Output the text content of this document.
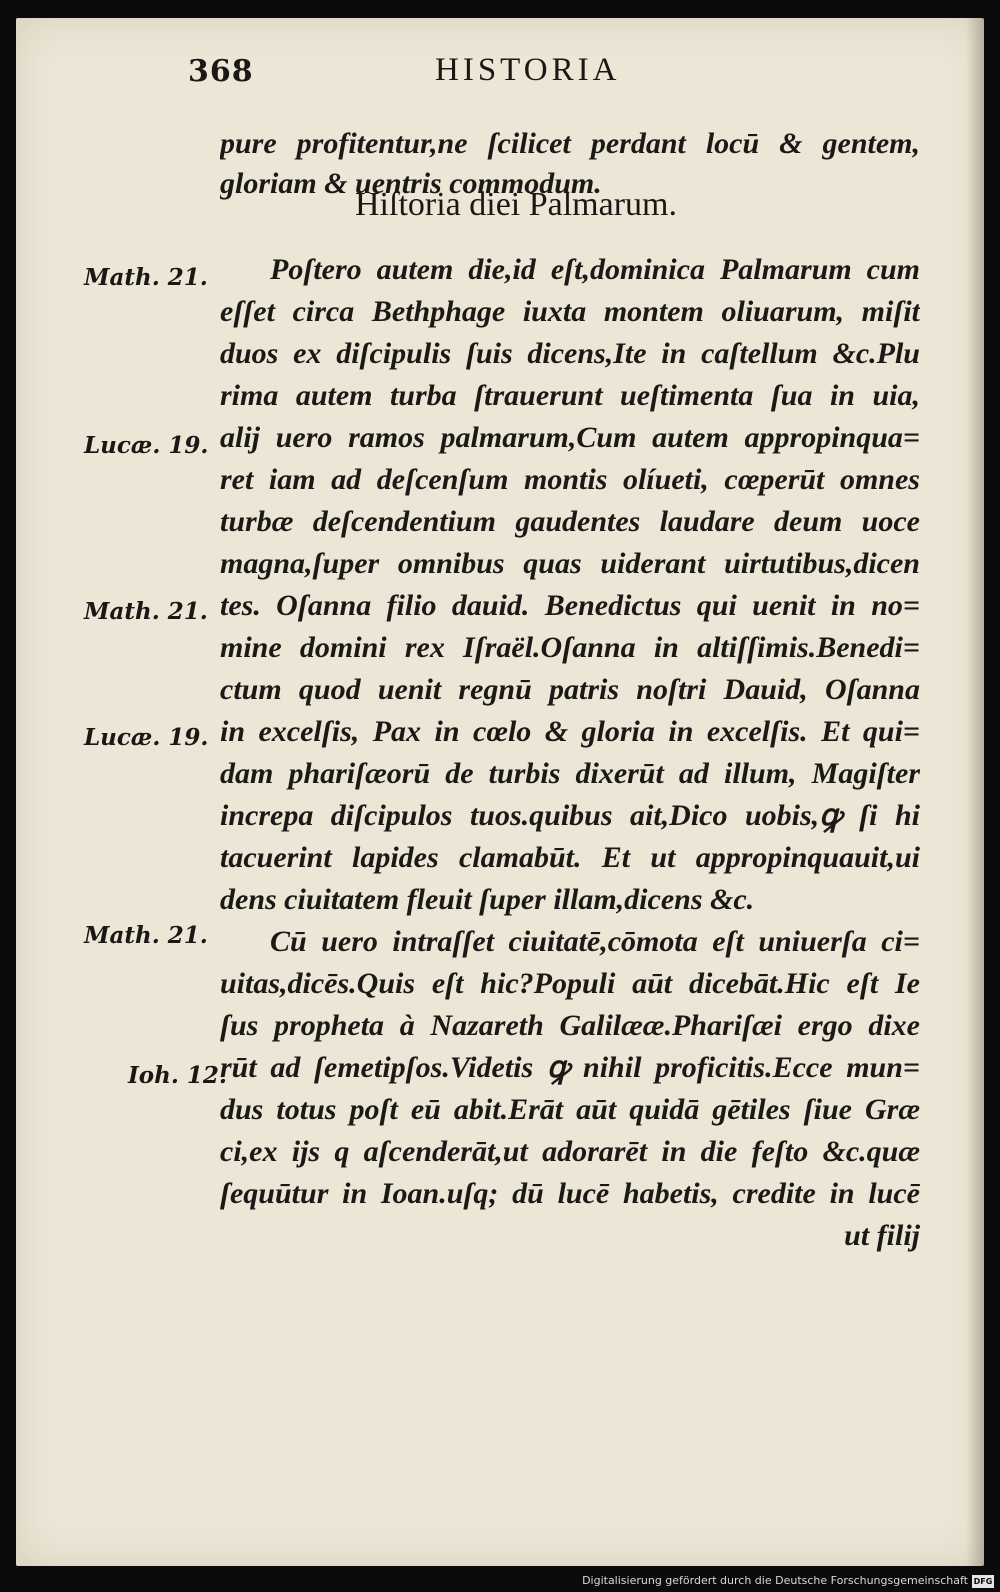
368	HISTORIA
pure profitentur,ne ſcilicet perdant locū & gentem,
gloriam & uentris commodum.
Hiſtoria diei Palmarum.
Poſtero autem die,id eſt,dominica Palmarum cum
eſſet circa Bethphage iuxta montem oliuarum, miſit
duos ex diſcipulis ſuis dicens,Ite in caſtellum &c.Plu
rima autem turba ſtrauerunt ueſtimenta ſua in uia,
alij uero ramos palmarum,Cum autem appropinqua=
ret iam ad deſcenſum montis olíueti, cœperūt omnes
turbæ deſcendentium gaudentes laudare deum uoce
magna,ſuper omnibus quas uiderant uirtutibus,dicen
tes. Oſanna filio dauid. Benedictus qui uenit in no=
mine domini rex Iſraël.Oſanna in altiſſimis.Benedi=
ctum quod uenit regnū patris noſtri Dauid, Oſanna
in excelſis, Pax in cœlo & gloria in excelſis. Et qui=
dam phariſæorū de turbis dixerūt ad illum, Magiſter
increpa diſcipulos tuos.quibus ait,Dico uobis,ꝙ ſi hi
tacuerint lapides clamabūt. Et ut appropinquauit,ui
dens ciuitatem fleuit ſuper illam,dicens &c.
Cū uero intraſſet ciuitatē,cōmota eſt uniuerſa ci=
uitas,dicēs.Quis eſt hic?Populi aūt dicebāt.Hic eſt Ie
ſus propheta à Nazareth Galilææ.Phariſæi ergo dixe
rūt ad ſemetipſos.Videtis ꝙ nihil proficitis.Ecce mun=
dus totus poſt eū abit.Erāt aūt quidā gētiles ſiue Græ
ci,ex ijs q aſcenderāt,ut adorarēt in die feſto &c.quæ
ſequūtur in Ioan.uſq; dū lucē habetis, credite in lucē
ut filij
Math. 21.
Lucæ. 19.
Math. 21.
Lucæ. 19.
Math. 21.
Ioh. 12.
Digitalisierung gefördert durch die Deutsche Forschungsgemeinschaft DFG
